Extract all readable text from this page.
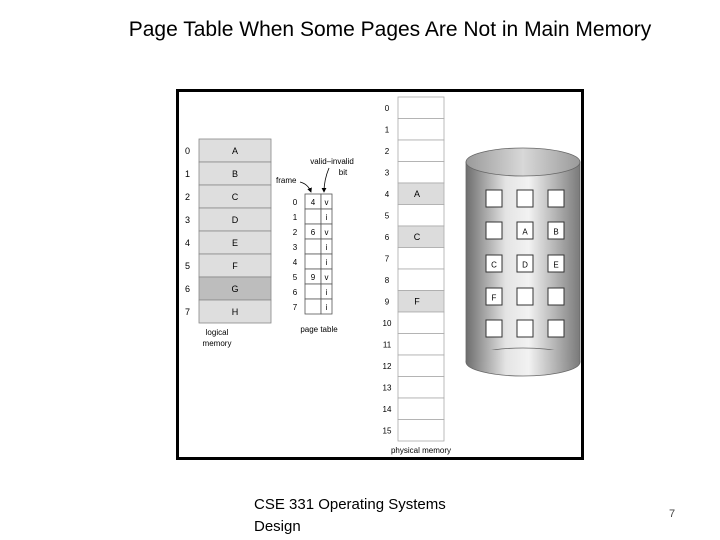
Page Table When Some Pages Are Not in Main Memory
0	A
1	B
2	C
3	D
4	E
5	F
6	G
7	H
logical
memory
0 4 v
1	i
2 6 v
3	i
4	i
5 9 v
6	i
7	i
frame
valid–invalid
bit
page table
0
1
2
3
4	A
5
6	C
7
8
9	F
10
11
12
13
14
15
physical memory
A	B
C	D	E
F
CSE 331 Operating Systems Design
7
